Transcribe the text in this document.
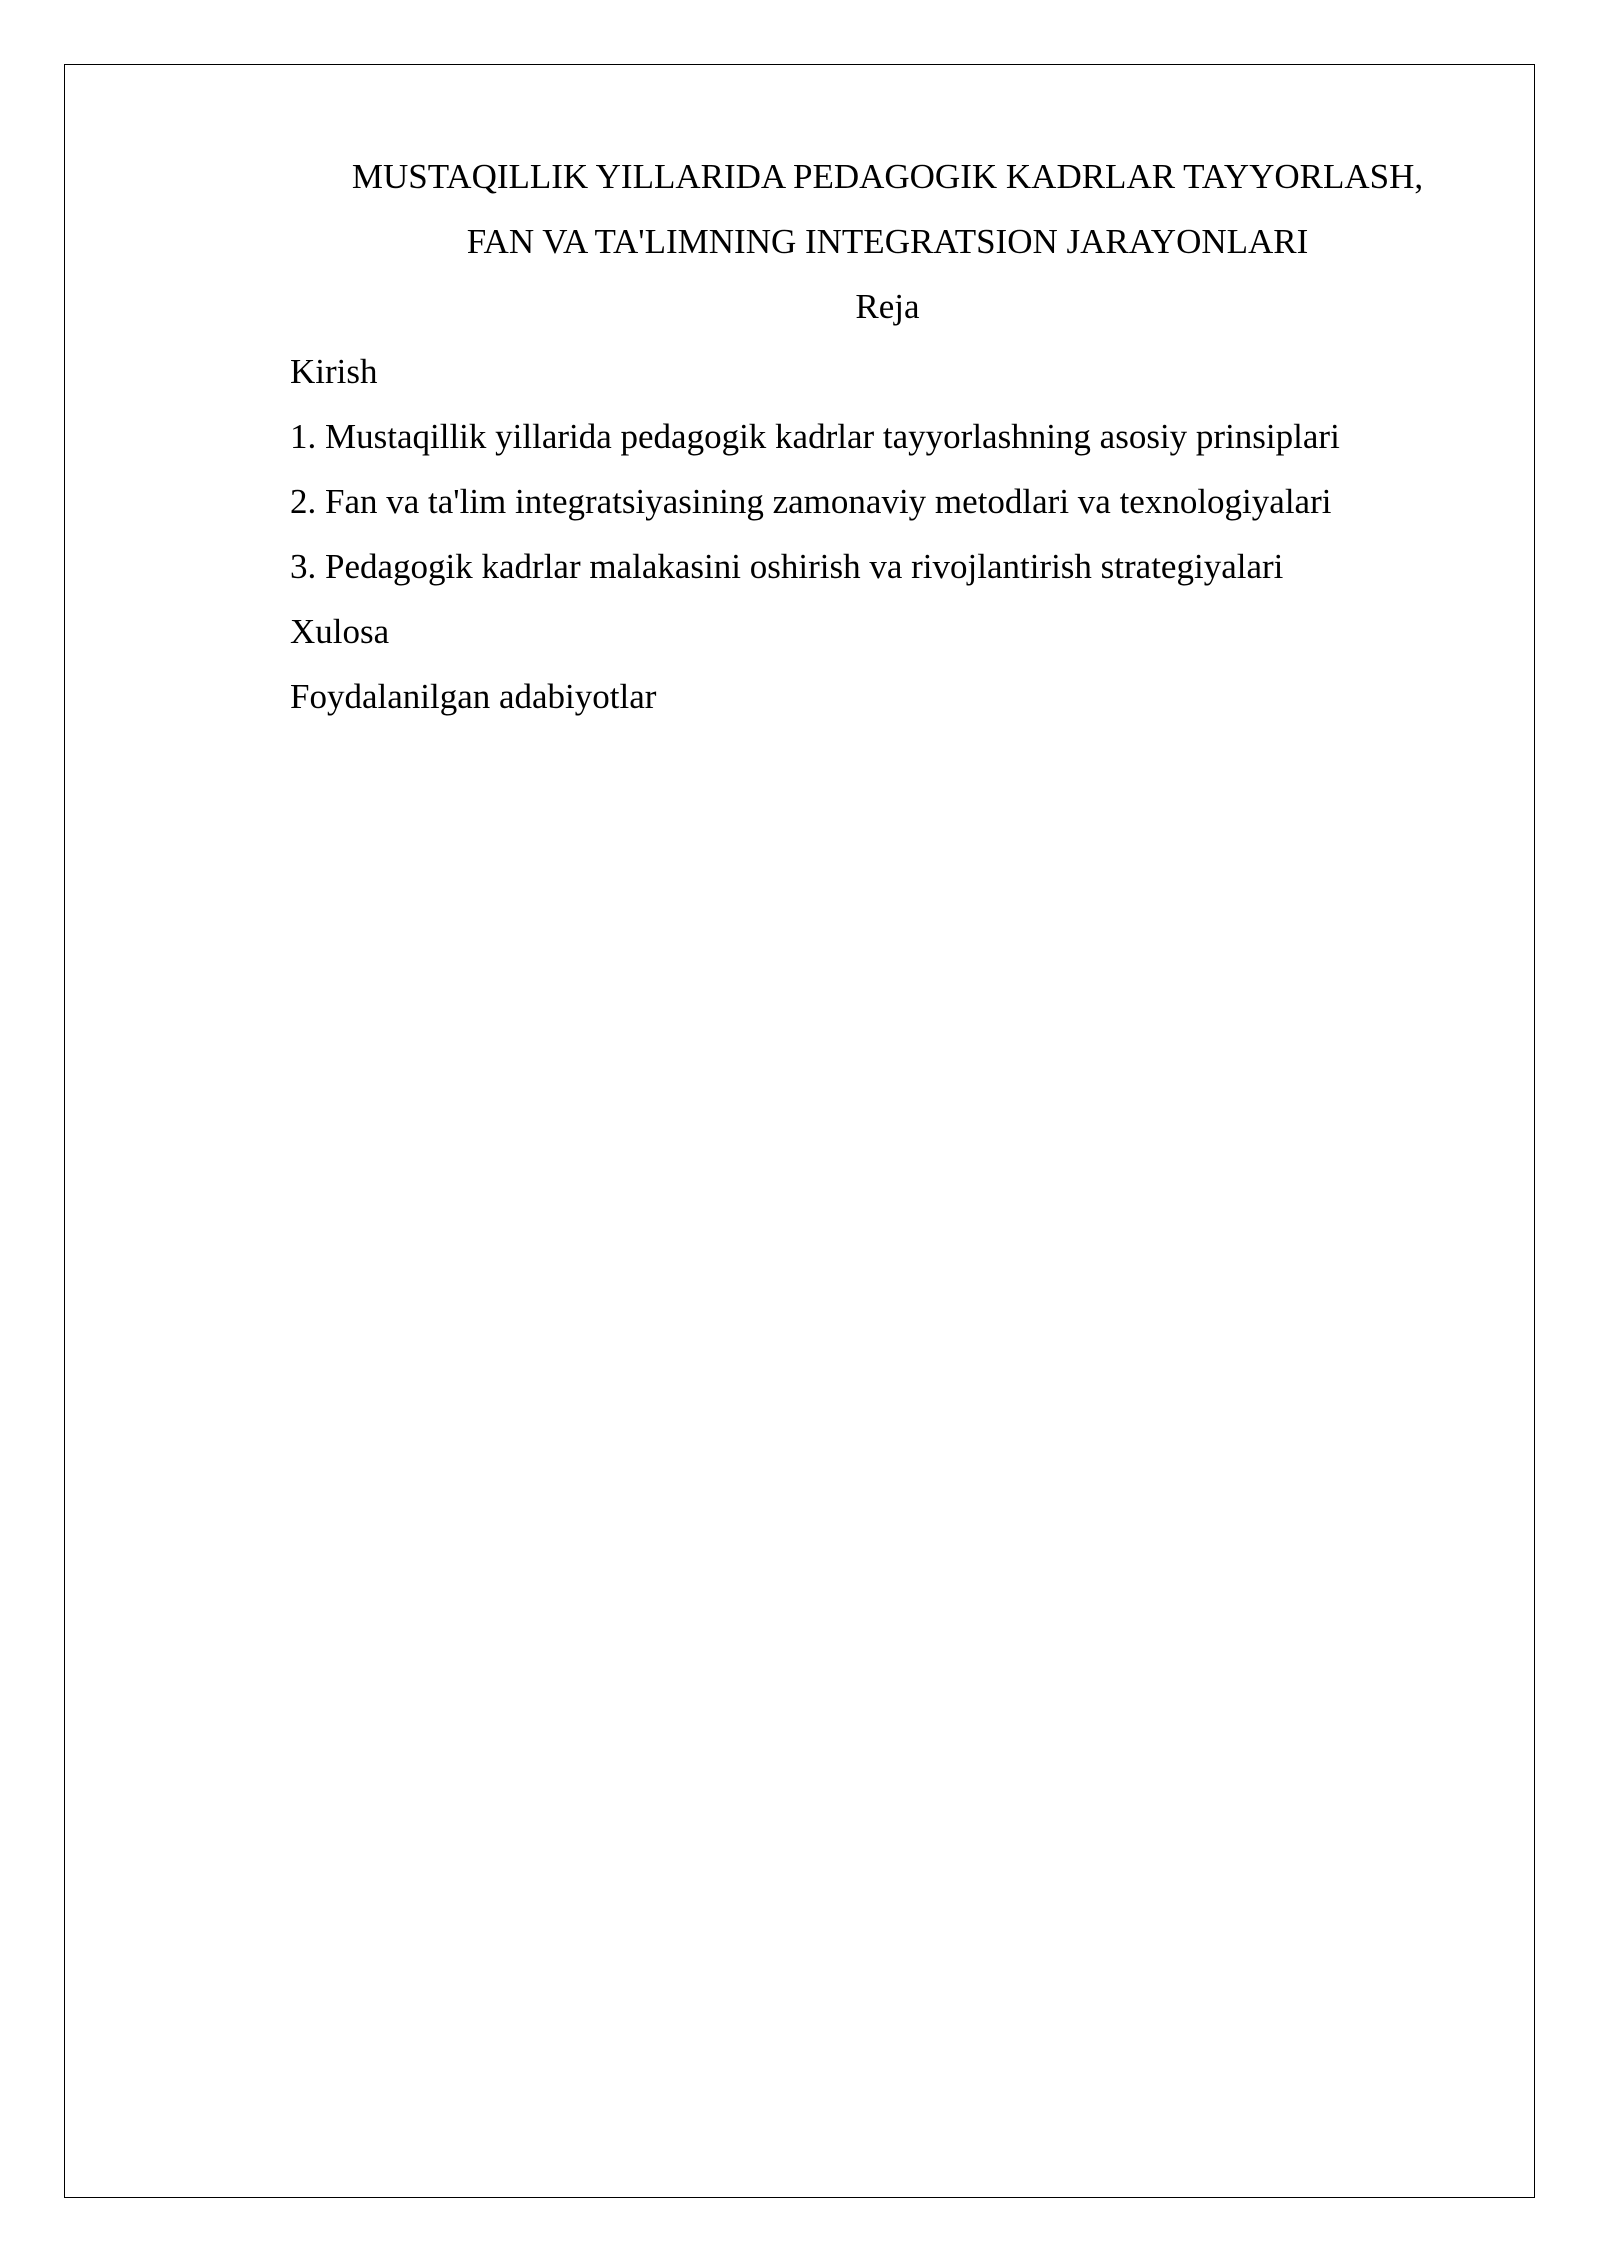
MUSTAQILLIK YILLARIDA PEDAGOGIK KADRLAR TAYYORLASH,
FAN VA TA'LIMNING INTEGRATSION JARAYONLARI
Reja
Kirish
1. Mustaqillik yillarida pedagogik kadrlar tayyorlashning asosiy prinsiplari
2. Fan va ta'lim integratsiyasining zamonaviy metodlari va texnologiyalari
3. Pedagogik kadrlar malakasini oshirish va rivojlantirish strategiyalari
Xulosa
Foydalanilgan adabiyotlar
